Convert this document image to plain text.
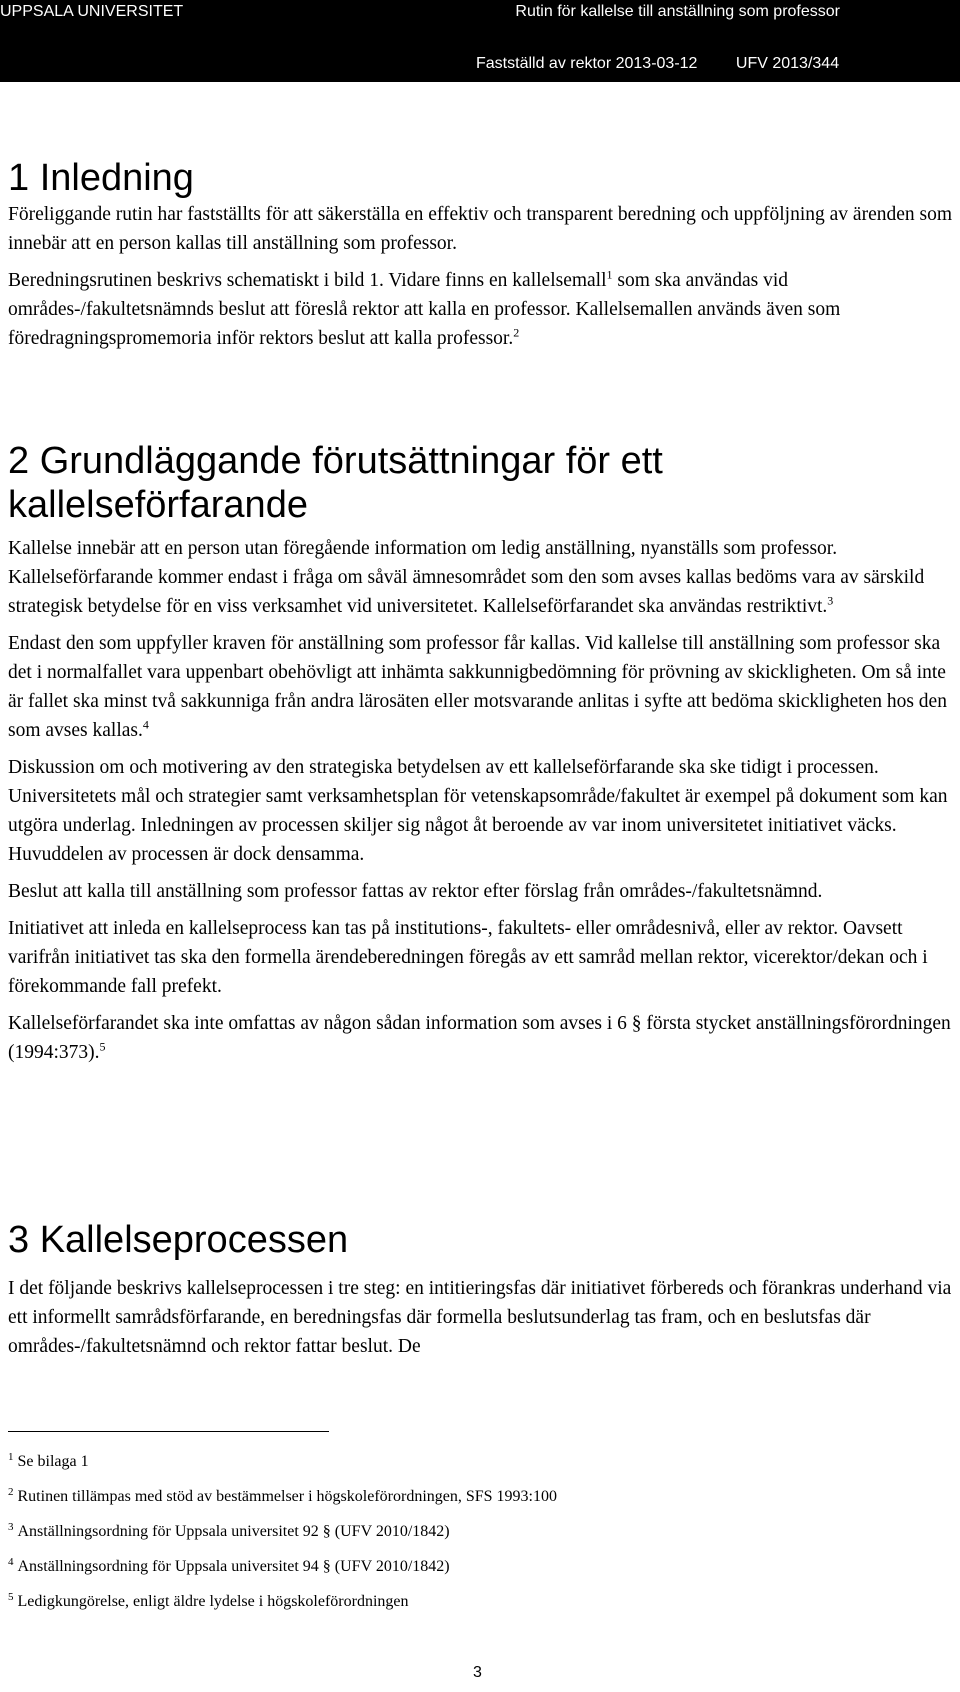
UPPSALA UNIVERSITET	Rutin för kallelse till anställning som professor
Fastställd av rektor 2013-03-12 UFV 2013/344
1 Inledning

Föreliggande rutin har fastställts för att säkerställa en effektiv och transparent beredning och uppföljning av ärenden som innebär att en person kallas till anställning som professor.

Beredningsrutinen beskrivs schematiskt i bild 1. Vidare finns en kallelsemall$^1$ som ska användas vid områdes-/fakultetsnämnds beslut att föreslå rektor att kalla en professor. Kallelsemallen används även som föredragningspromemoria inför rektors beslut att kalla professor.$^2$

2 Grundläggande förutsättningar för ett kallelseförfarande

Kallelse innebär att en person utan föregående information om ledig anställning, nyanställs som professor. Kallelseförfarande kommer endast i fråga om såväl ämnesområdet som den som avses kallas bedöms vara av särskild strategisk betydelse för en viss verksamhet vid universitetet. Kallelseförfarandet ska användas restriktivt.$^3$

Endast den som uppfyller kraven för anställning som professor får kallas. Vid kallelse till anställning som professor ska det i normalfallet vara uppenbart obehövligt att inhämta sakkunnigbedömning för prövning av skickligheten. Om så inte är fallet ska minst två sakkunniga från andra lärosäten eller motsvarande anlitas i syfte att bedöma skickligheten hos den som avses kallas.$^4$

Diskussion om och motivering av den strategiska betydelsen av ett kallelseförfarande ska ske tidigt i processen. Universitetets mål och strategier samt verksamhetsplan för vetenskapsområde/fakultet är exempel på dokument som kan utgöra underlag. Inledningen av processen skiljer sig något åt beroende av var inom universitetet initiativet väcks. Huvuddelen av processen är dock densamma.

Beslut att kalla till anställning som professor fattas av rektor efter förslag från områdes-/fakultetsnämnd.

Initiativet att inleda en kallelseprocess kan tas på institutions-, fakultets- eller områdesnivå, eller av rektor. Oavsett varifrån initiativet tas ska den formella ärendeberedningen föregås av ett samråd mellan rektor, vicerektor/dekan och i förekommande fall prefekt.

Kallelseförfarandet ska inte omfattas av någon sådan information som avses i 6 § första stycket anställningsförordningen (1994:373).$^5$

3 Kallelseprocessen

I det följande beskrivs kallelseprocessen i tre steg: en intitieringsfas där initiativet förbereds och förankras underhand via ett informellt samrådsförfarande, en beredningsfas där formella beslutsunderlag tas fram, och en beslutsfas där områdes-/fakultetsnämnd och rektor fattar beslut. De

$^1$ Se bilaga 1

$^2$ Rutinen tillämpas med stöd av bestämmelser i högskoleförordningen, SFS 1993:100

$^3$ Anställningsordning för Uppsala universitet 92 § (UFV 2010/1842)

$^4$ Anställningsordning för Uppsala universitet 94 § (UFV 2010/1842)

$^5$ Ledigkungörelse, enligt äldre lydelse i högskoleförordningen

3
